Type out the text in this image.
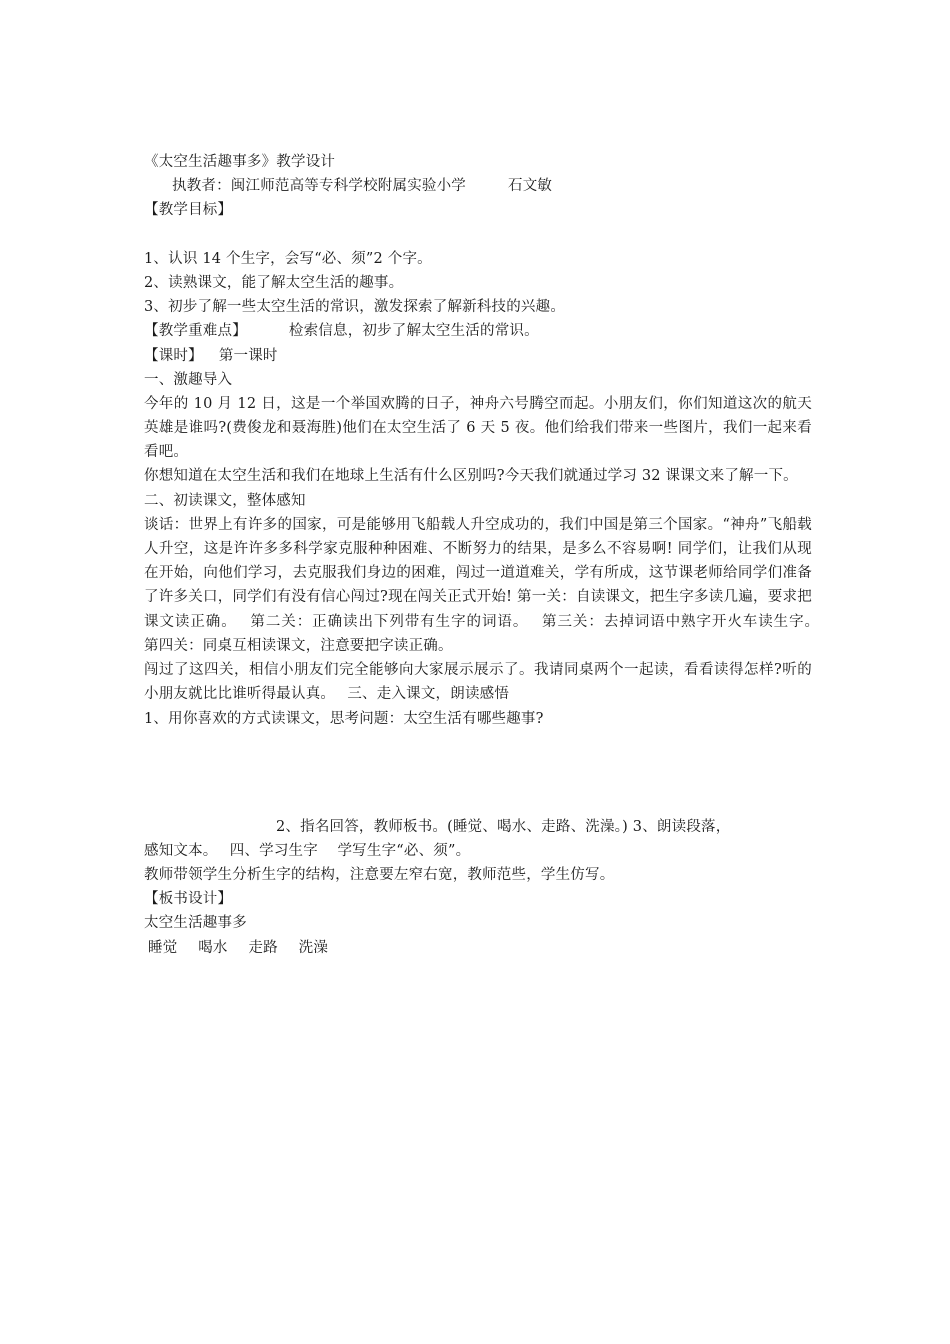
《太空生活趣事多》教学设计
执教者：闽江师范高等专科学校附属实验小学	石文敏
【教学目标】
1、认识 14 个生字，会写“必、须”2 个字。
2、读熟课文，能了解太空生活的趣事。
3、初步了解一些太空生活的常识，激发探索了解新科技的兴趣。
【教学重难点】	检索信息，初步了解太空生活的常识。
【课时】 第一课时
一、激趣导入

今年的 10 月 12 日，这是一个举国欢腾的日子，神舟六号腾空而起。小朋友们，你们知道这次的航天英雄是谁吗?(费俊龙和聂海胜)他们在太空生活了 6 天 5 夜。他们给我们带来一些图片，我们一起来看看吧。

你想知道在太空生活和我们在地球上生活有什么区别吗?今天我们就通过学习 32 课课文来了解一下。

二、初读课文，整体感知

谈话：世界上有许多的国家，可是能够用飞船载人升空成功的，我们中国是第三个国家。“神舟”飞船载人升空，这是许许多多科学家克服种种困难、不断努力的结果，是多么不容易啊! 同学们，让我们从现在开始，向他们学习，去克服我们身边的困难，闯过一道道难关，学有所成，这节课老师给同学们准备了许多关口，同学们有没有信心闯过?现在闯关正式开始! 第一关：自读课文，把生字多读几遍，要求把课文读正确。　 第二关：正确读出下列带有生字的词语。　 第三关：去掉词语中熟字开火车读生字。　 第四关：同桌互相读课文，注意要把字读正确。

闯过了这四关，相信小朋友们完全能够向大家展示展示了。我请同桌两个一起读，看看读得怎样?听的小朋友就比比谁听得最认真。　 三、走入课文，朗读感悟

1、用你喜欢的方式读课文，思考问题：太空生活有哪些趣事?
2、指名回答，教师板书。(睡觉、喝水、走路、洗澡。) 3、朗读段落，
感知文本。　 四、学习生字　 学写生字“必、须”。
教师带领学生分析生字的结构，注意要左窄右宽，教师范些，学生仿写。
【板书设计】
太空生活趣事多
睡觉 喝水 走路 洗澡
